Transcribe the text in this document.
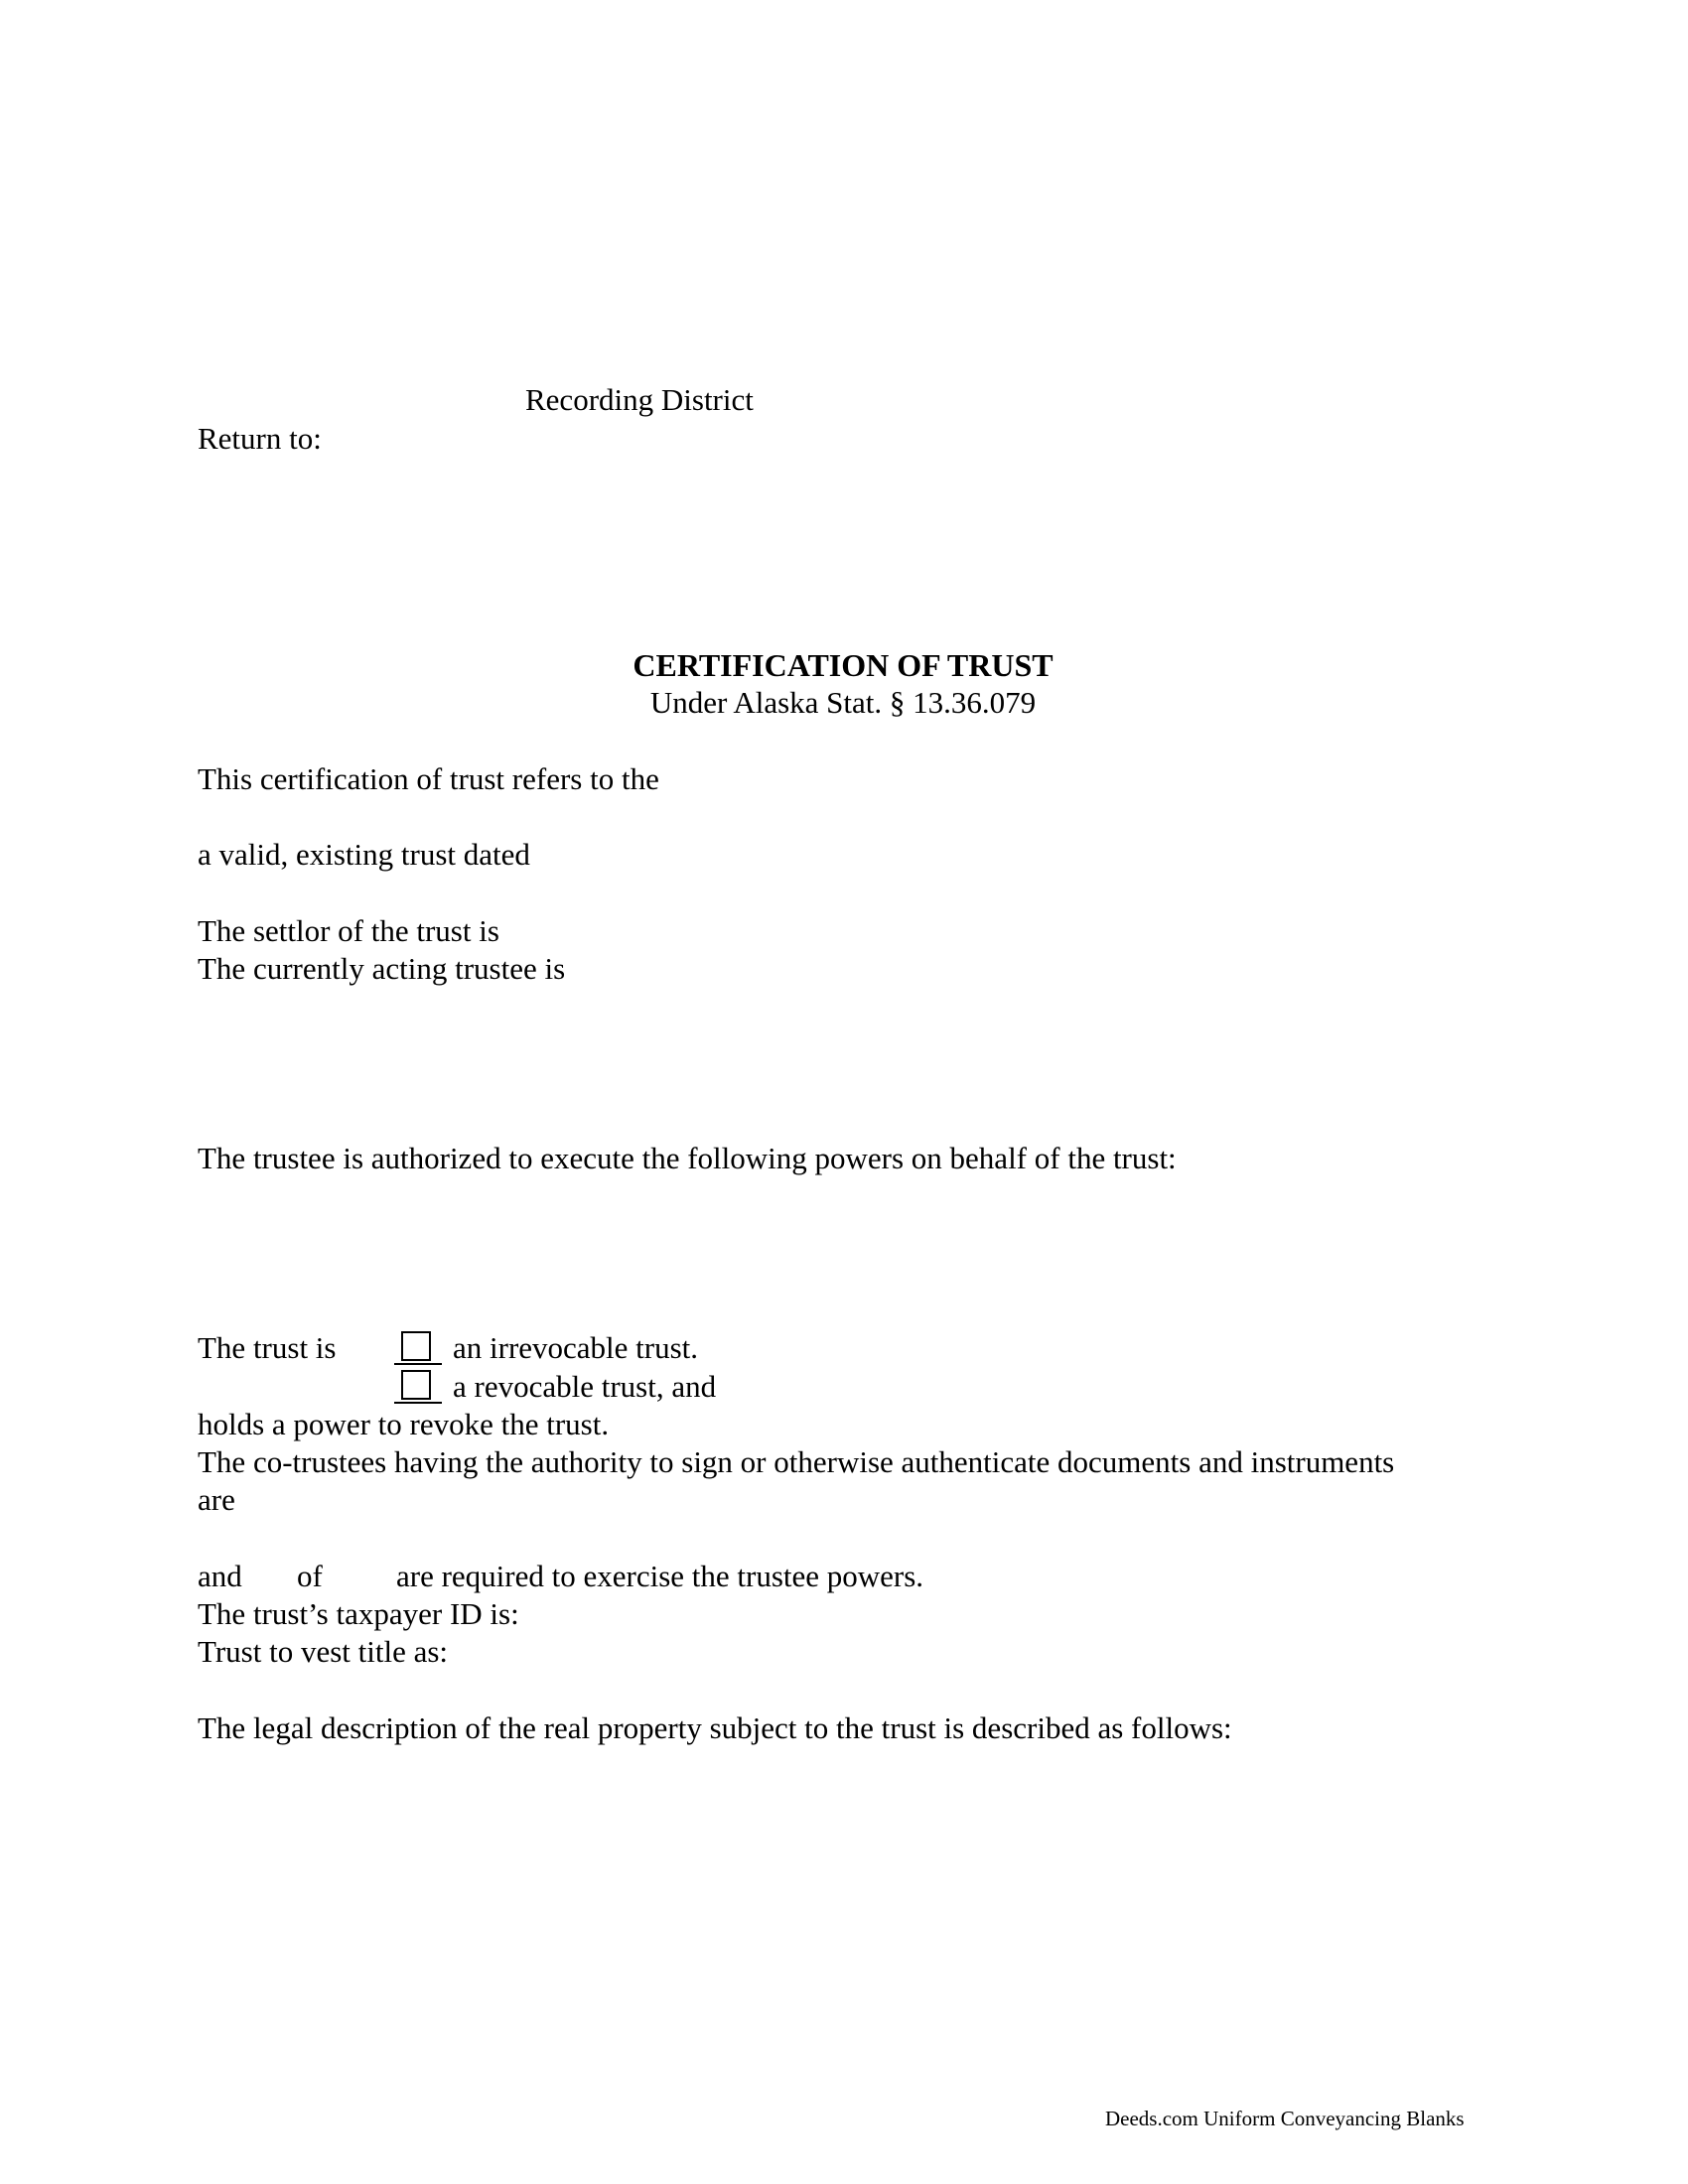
Recording District
Return to:
CERTIFICATION OF TRUST
Under Alaska Stat. § 13.36.079
This certification of trust refers to the
a valid, existing trust dated
The settlor of the trust is
The currently acting trustee is
The trustee is authorized to execute the following powers on behalf of the trust:
The trust is	an irrevocable trust.
a revocable trust, and
holds a power to revoke the trust.
The co-trustees having the authority to sign or otherwise authenticate documents and instruments
are
and of are required to exercise the trustee powers.
The trust’s taxpayer ID is:
Trust to vest title as:
The legal description of the real property subject to the trust is described as follows:
Deeds.com Uniform Conveyancing Blanks
